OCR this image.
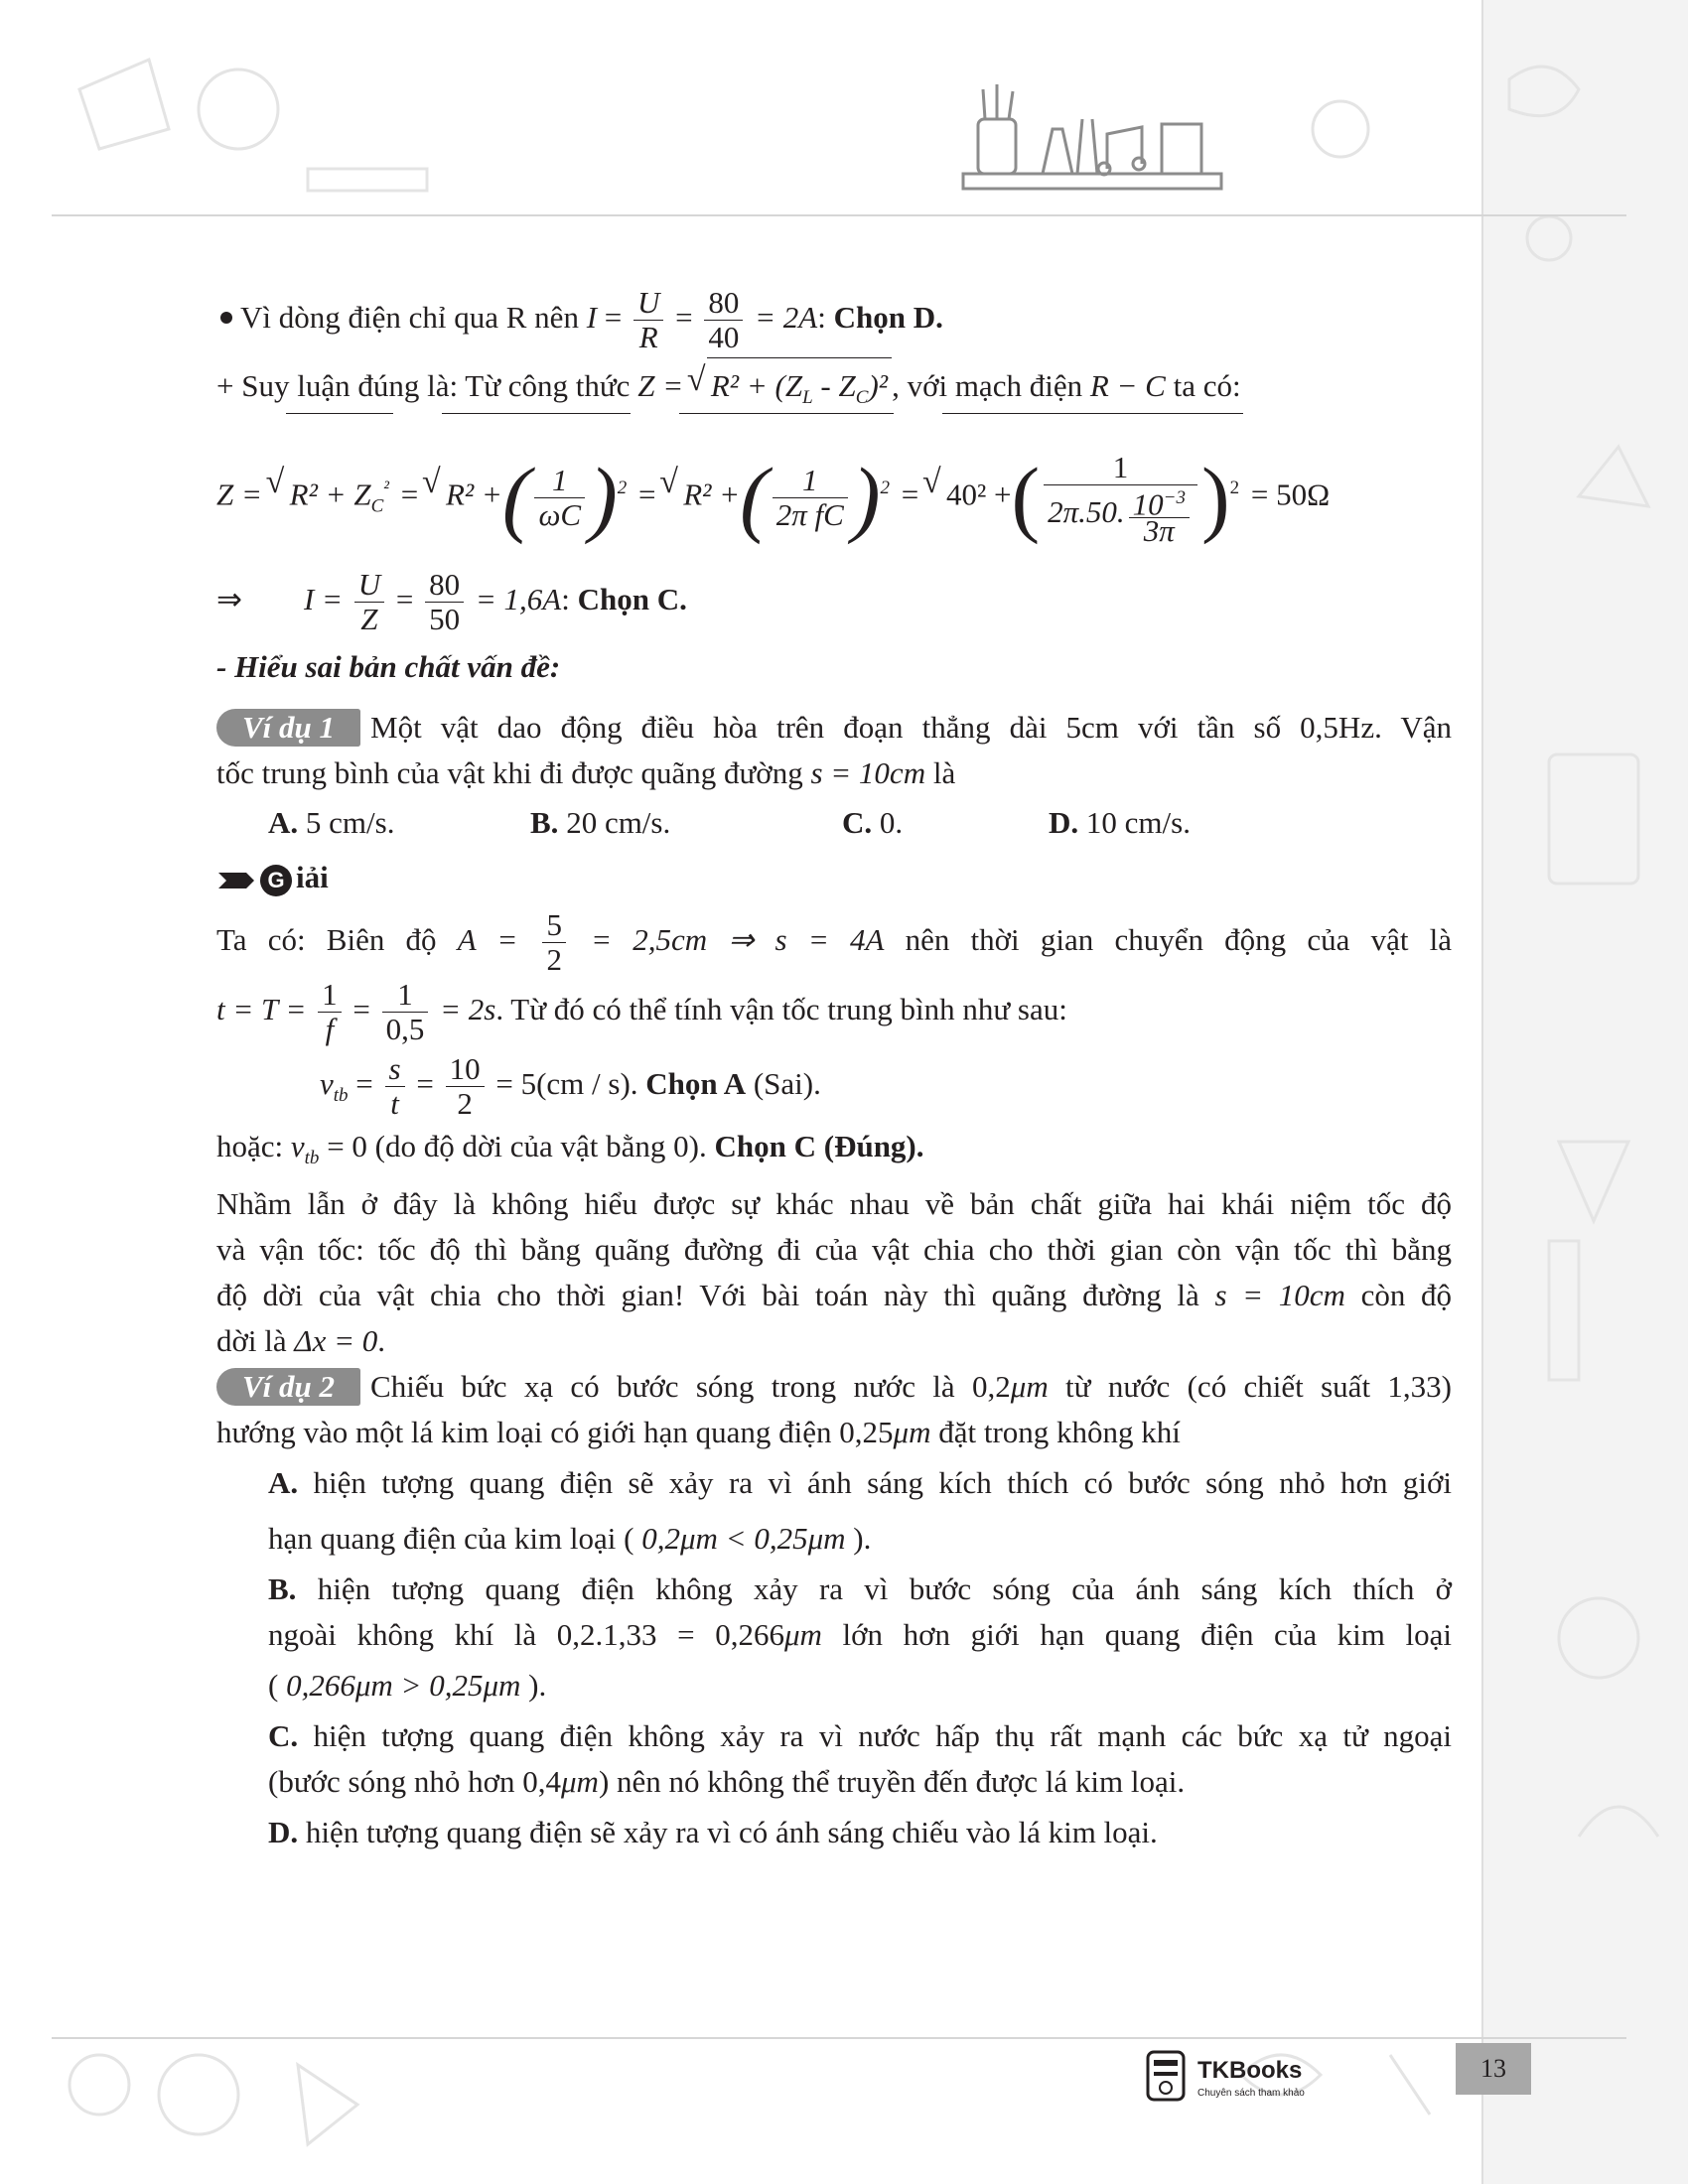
Vì dòng điện chỉ qua R nên $I = \frac{U}{R} = \frac{80}{40} = 2A$: Chọn D.
+ Suy luận đúng là: Từ công thức Z = √ $R^2 + (Z_L - Z_C)^2$ , với mạch điện R − C ta có:
Z = √ $R^2 + Z_C^{^2}$ = √ R² +( $\frac{1}{\omega C} )^2$ = √ R² +( $\frac{1}{\text{2π fC}} )^2$ = √ 40² +( $\frac{1}{2\pi.50. \frac{10^{-3}}{3\pi}} )^2 = 50\Omega$
⇒ $I = \frac{U}{Z} = \frac{80}{50} = 1,6A$: Chọn C.
- Hiểu sai bản chất vấn đề:
Ví dụ 1 Một vật dao động điều hòa trên đoạn thẳng dài 5cm với tần số 0,5Hz. Vận
tốc trung bình của vật khi đi được quãng đường s = 10cm là
A. 5 cm/s.	B. 20 cm/s.	C. 0.	D. 10 cm/s.
G iải
Ta có: Biên độ $A = \frac{5}{2} = 2,5cm$ ⇒ s = 4A nên thời gian chuyển động của vật là
$t = T = \frac{1}{f} = \frac{1}{0,5} = 2s$. Từ đó có thể tính vận tốc trung bình như sau:
$v_{tb} = \frac{s}{t} = \frac{10}{2} = 5(cm / s)$. Chọn A (Sai).
hoặc: $v_{tb} = 0$ (do độ dời của vật bằng 0). Chọn C (Đúng).
Nhầm lẫn ở đây là không hiểu được sự khác nhau về bản chất giữa hai khái niệm tốc độ
và vận tốc: tốc độ thì bằng quãng đường đi của vật chia cho thời gian còn vận tốc thì bằng
độ dời của vật chia cho thời gian! Với bài toán này thì quãng đường là s = 10cm còn độ
dời là Δx = 0.
Ví dụ 2 Chiếu bức xạ có bước sóng trong nước là 0,2μm từ nước (có chiết suất 1,33)
hướng vào một lá kim loại có giới hạn quang điện 0,25μm đặt trong không khí
A. hiện tượng quang điện sẽ xảy ra vì ánh sáng kích thích có bước sóng nhỏ hơn giới
hạn quang điện của kim loại ( 0,2μm < 0,25μm ).
B. hiện tượng quang điện không xảy ra vì bước sóng của ánh sáng kích thích ở
ngoài không khí là 0,2.1,33 = 0,266μm lớn hơn giới hạn quang điện của kim loại
( 0,266μm > 0,25μm ).
C. hiện tượng quang điện không xảy ra vì nước hấp thụ rất mạnh các bức xạ tử ngoại
(bước sóng nhỏ hơn 0,4μm) nên nó không thể truyền đến được lá kim loại.
D. hiện tượng quang điện sẽ xảy ra vì có ánh sáng chiếu vào lá kim loại.
TKBooks
Chuyên sách tham khảo
13
